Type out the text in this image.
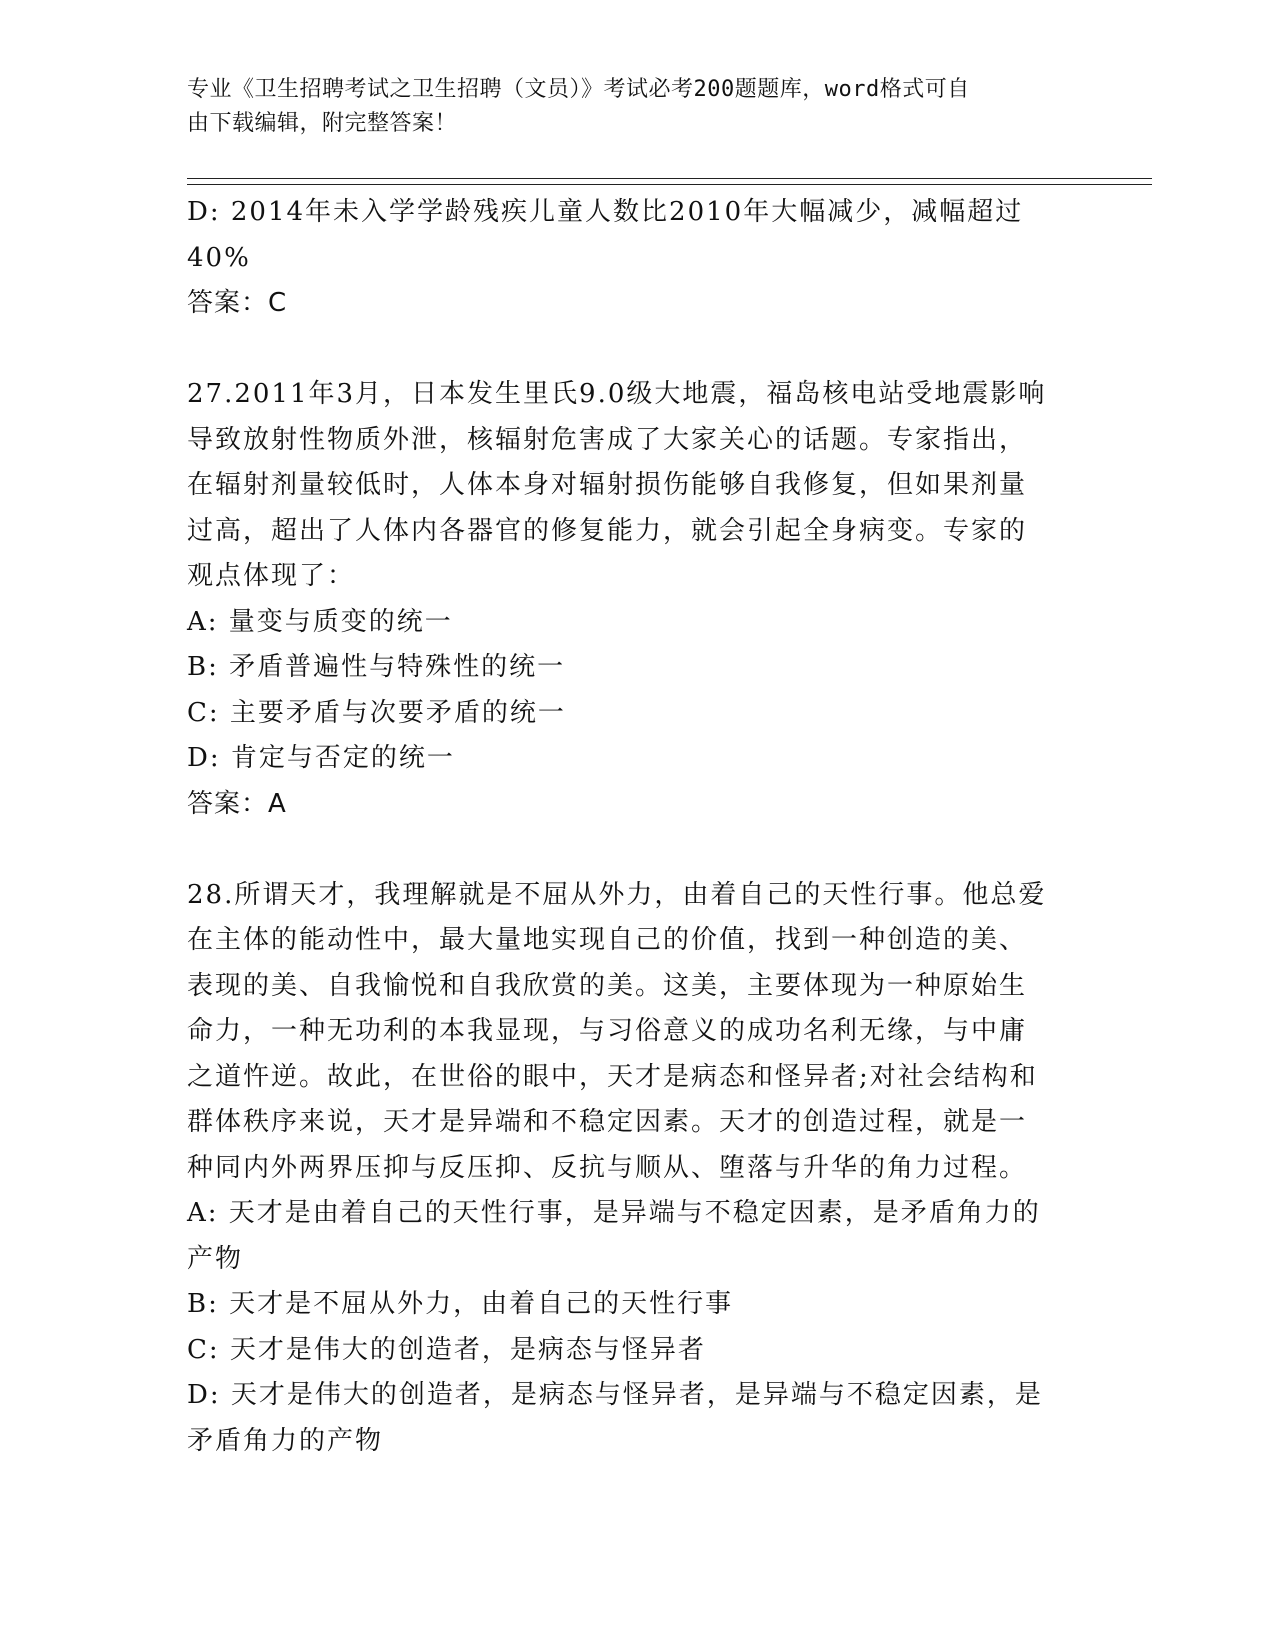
专业《卫生招聘考试之卫生招聘（文员）》考试必考200题题库，word格式可自
由下载编辑，附完整答案！
D: 2014年未入学学龄残疾儿童人数比2010年大幅减少，减幅超过
40%
答案：C
27.2011年3月，日本发生里氏9.0级大地震，福岛核电站受地震影响
导致放射性物质外泄，核辐射危害成了大家关心的话题。专家指出，
在辐射剂量较低时，人体本身对辐射损伤能够自我修复，但如果剂量
过高，超出了人体内各器官的修复能力，就会引起全身病变。专家的
观点体现了：
A: 量变与质变的统一
B: 矛盾普遍性与特殊性的统一
C: 主要矛盾与次要矛盾的统一
D: 肯定与否定的统一
答案：A
28.所谓天才，我理解就是不屈从外力，由着自己的天性行事。他总爱
在主体的能动性中，最大量地实现自己的价值，找到一种创造的美、
表现的美、自我愉悦和自我欣赏的美。这美，主要体现为一种原始生
命力，一种无功利的本我显现，与习俗意义的成功名利无缘，与中庸
之道忤逆。故此，在世俗的眼中，天才是病态和怪异者;对社会结构和
群体秩序来说，天才是异端和不稳定因素。天才的创造过程，就是一
种同内外两界压抑与反压抑、反抗与顺从、堕落与升华的角力过程。
A: 天才是由着自己的天性行事，是异端与不稳定因素，是矛盾角力的
产物
B: 天才是不屈从外力，由着自己的天性行事
C: 天才是伟大的创造者，是病态与怪异者
D: 天才是伟大的创造者，是病态与怪异者，是异端与不稳定因素，是
矛盾角力的产物
